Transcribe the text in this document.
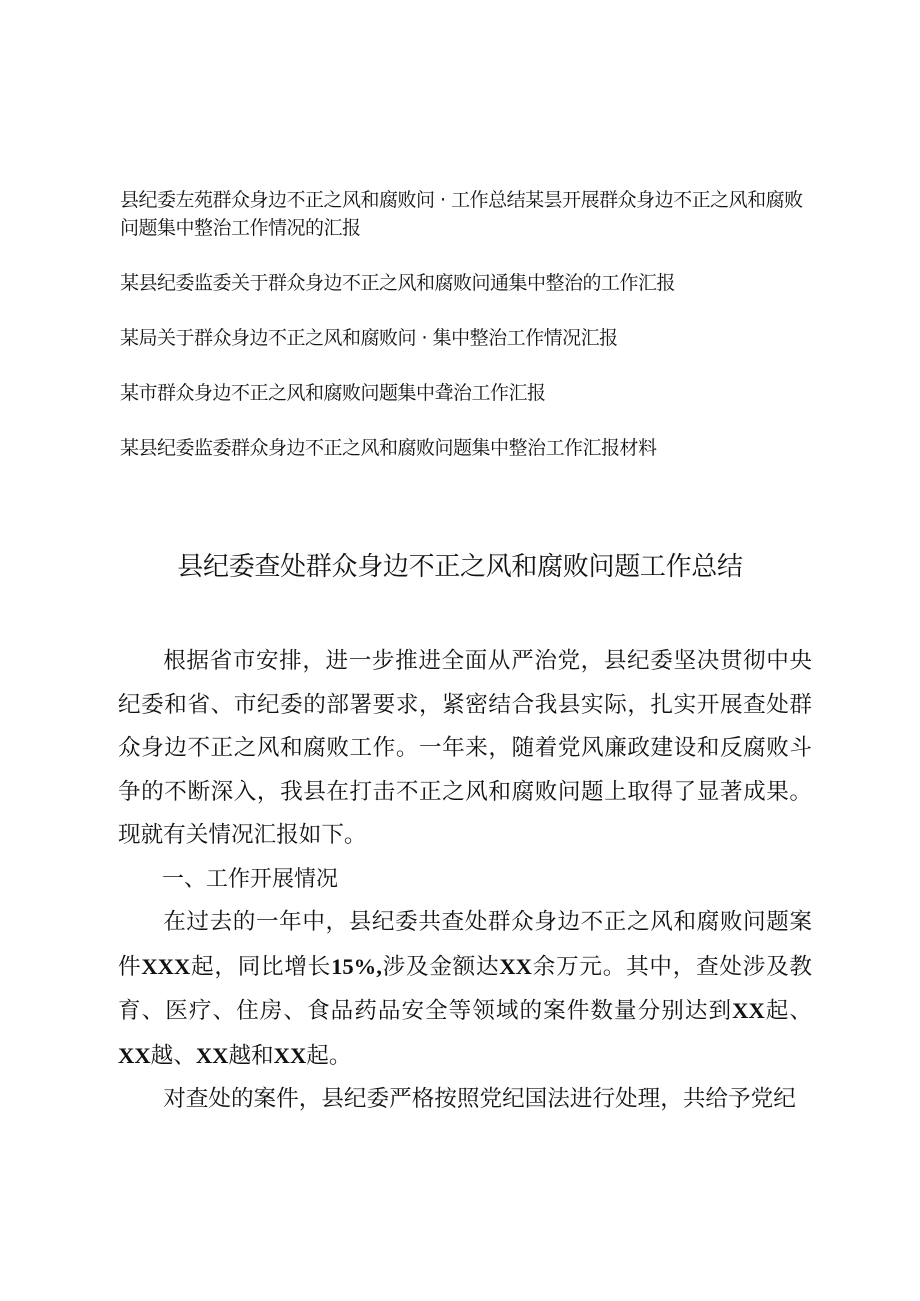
县纪委左苑群众身边不正之风和腐败问 · 工作总结某昙开展群众身边不正之风和腐败问题集中整治工作情况的汇报
某县纪委监委关于群众身边不正之风和腐败问通集中整治的工作汇报
某局关于群众身边不正之风和腐败问 · 集中整治工作情况汇报
某市群众身边不正之风和腐败问题集中聋治工作汇报
某县纪委监委群众身边不正之风和腐败问题集中整治工作汇报材料
县纪委查处群众身边不正之风和腐败问题工作总结

根据省市安排，进一步推进全面从严治党，县纪委坚决贯彻中央纪委和省、市纪委的部署要求，紧密结合我县实际，扎实开展查处群众身边不正之风和腐败工作。一年来，随着党风廉政建设和反腐败斗争的不断深入，我县在打击不正之风和腐败问题上取得了显著成果。现就有关情况汇报如下。

一、工作开展情况

在过去的一年中，县纪委共查处群众身边不正之风和腐败问题案件XXX起，同比增长15%,涉及金额达XX余万元。其中，查处涉及教育、医疗、住房、食品药品安全等领域的案件数量分别达到XX起、XX越、XX越和XX起。

对查处的案件，县纪委严格按照党纪国法进行处理，共给予党纪
